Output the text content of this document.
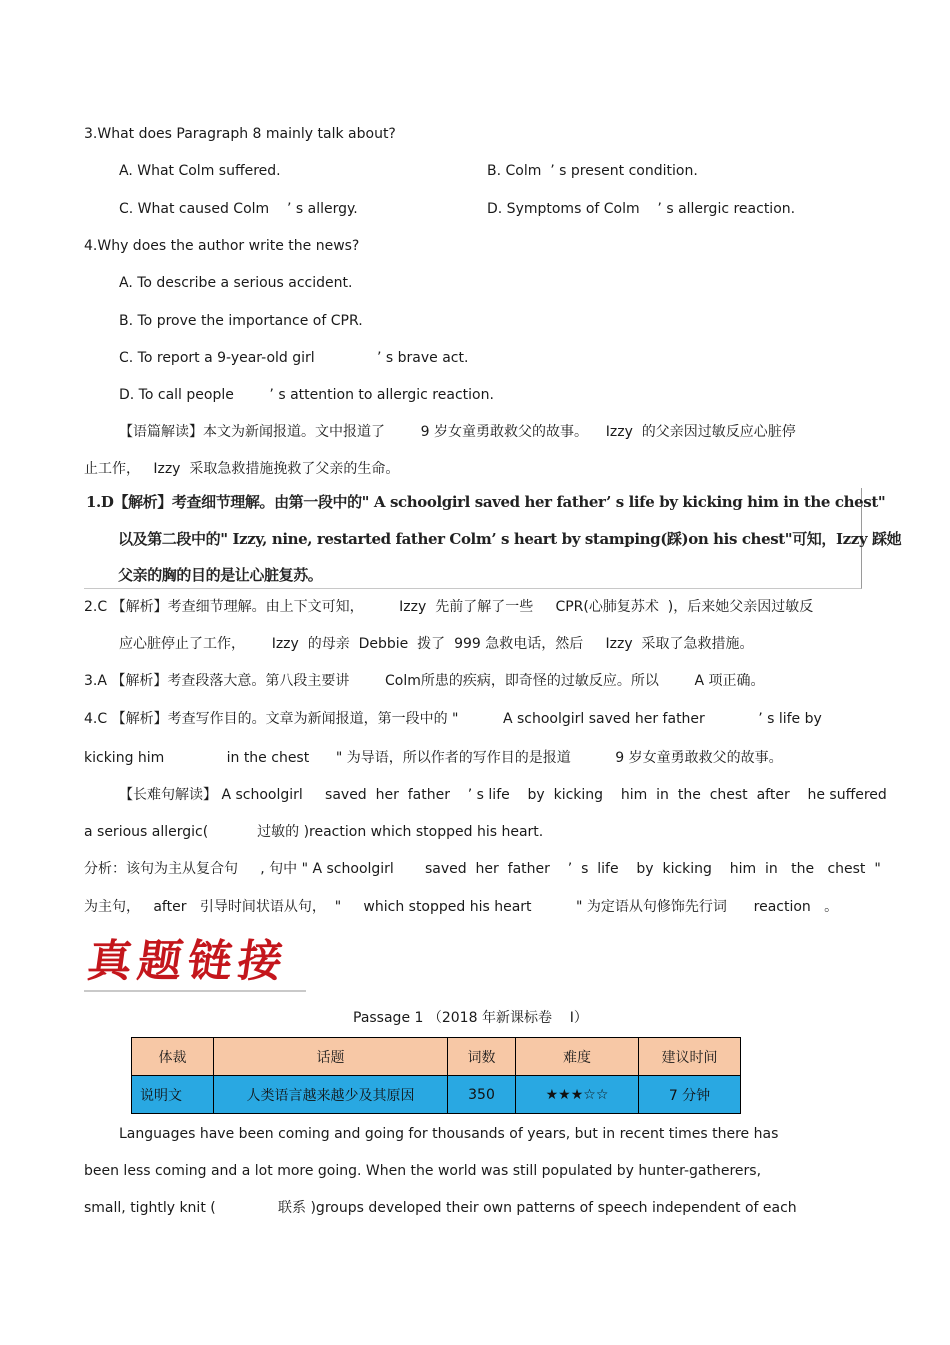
3.What does Paragraph 8 mainly talk about?
A. What Colm suffered.	B. Colm  ’ s present condition.
C. What caused Colm    ’ s allergy.	D. Symptoms of Colm    ’ s allergic reaction.
4.Why does the author write the news?
A. To describe a serious accident.
B. To prove the importance of CPR.
C. To report a 9-year-old girl              ’ s brave act.
D. To call people        ’ s attention to allergic reaction.
【语篇解读】本文为新闻报道。文中报道了        9 岁女童勇敢救父的故事。    Izzy  的父亲因过敏反应心脏停
止工作，   Izzy  采取急救措施挽救了父亲的生命。
1.D【解析】考查细节理解。由第一段中的" A schoolgirl saved her father’ s life by kicking him in the chest"
以及第二段中的" Izzy, nine, restarted father Colm’ s heart by stamping(踩)on his chest"可知，Izzy 踩她
父亲的胸的目的是让心脏复苏。
2.C 【解析】考查细节理解。由上下文可知，        Izzy  先前了解了一些     CPR(心肺复苏术  )，后来她父亲因过敏反
应心脏停止了工作，      Izzy  的母亲  Debbie  拨了  999 急救电话，然后     Izzy  采取了急救措施。
3.A 【解析】考查段落大意。第八段主要讲        Colm所患的疾病，即奇怪的过敏反应。所以        A 项正确。
4.C 【解析】考查写作目的。文章为新闻报道，第一段中的 "          A schoolgirl saved her father            ’ s life by
kicking him              in the chest      " 为导语，所以作者的写作目的是报道          9 岁女童勇敢救父的故事。
【长难句解读】 A schoolgirl     saved  her  father    ’ s life    by  kicking    him  in  the  chest  after    he suffered
a serious allergic(           过敏的 )reaction which stopped his heart.
分析：该句为主从复合句     , 句中 " A schoolgirl       saved  her  father    ’  s  life    by  kicking    him  in   the   chest  "
为主句，   after   引导时间状语从句，  "     which stopped his heart          " 为定语从句修饰先行词      reaction   。
真题链接
Passage 1 （2018 年新课标卷    I）
体裁	话题	词数	难度	建议时间
说明文	人类语言越来越少及其原因	350	★★★☆☆	7 分钟
Languages have been coming and going for thousands of years, but in recent times there has
been less coming and a lot more going. When the world was still populated by hunter-gatherers,
small, tightly knit (              联系 )groups developed their own patterns of speech independent of each
